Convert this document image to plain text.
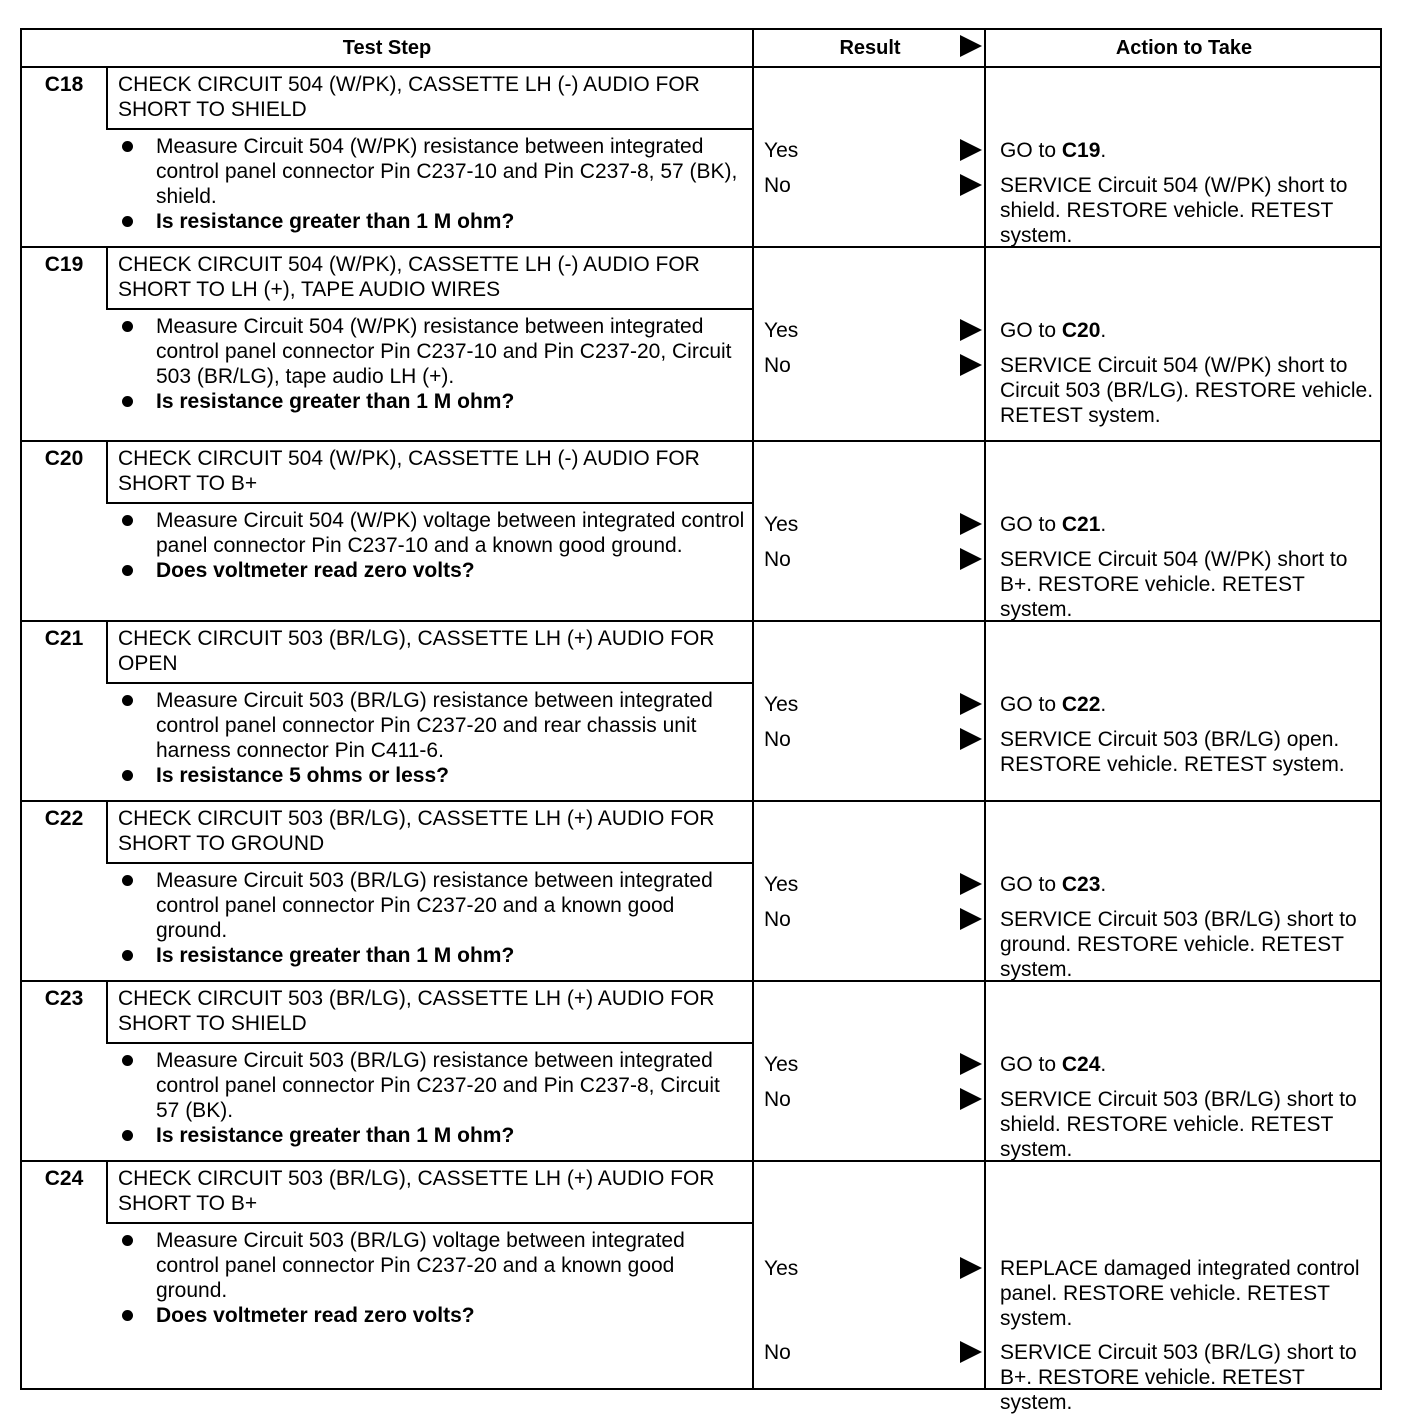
Test Step	Result	Action to Take
C18	CHECK CIRCUIT 504 (W/PK), CASSETTE LH (-) AUDIO FOR SHORT TO SHIELD
Measure Circuit 504 (W/PK) resistance between integrated control panel connector Pin C237-10 and Pin C237-8, 57 (BK), shield.
Is resistance greater than 1 M ohm?
Yes	GO to C19.
No	SERVICE Circuit 504 (W/PK) short to shield. RESTORE vehicle. RETEST system.
C19	CHECK CIRCUIT 504 (W/PK), CASSETTE LH (-) AUDIO FOR SHORT TO LH (+), TAPE AUDIO WIRES
Measure Circuit 504 (W/PK) resistance between integrated control panel connector Pin C237-10 and Pin C237-20, Circuit 503 (BR/LG), tape audio LH (+).
Is resistance greater than 1 M ohm?
Yes	GO to C20.
No	SERVICE Circuit 504 (W/PK) short to Circuit 503 (BR/LG). RESTORE vehicle. RETEST system.
C20	CHECK CIRCUIT 504 (W/PK), CASSETTE LH (-) AUDIO FOR SHORT TO B+
Measure Circuit 504 (W/PK) voltage between integrated control panel connector Pin C237-10 and a known good ground.
Does voltmeter read zero volts?
Yes	GO to C21.
No	SERVICE Circuit 504 (W/PK) short to B+. RESTORE vehicle. RETEST system.
C21	CHECK CIRCUIT 503 (BR/LG), CASSETTE LH (+) AUDIO FOR OPEN
Measure Circuit 503 (BR/LG) resistance between integrated control panel connector Pin C237-20 and rear chassis unit harness connector Pin C411-6.
Is resistance 5 ohms or less?
Yes	GO to C22.
No	SERVICE Circuit 503 (BR/LG) open. RESTORE vehicle. RETEST system.
C22	CHECK CIRCUIT 503 (BR/LG), CASSETTE LH (+) AUDIO FOR SHORT TO GROUND
Measure Circuit 503 (BR/LG) resistance between integrated control panel connector Pin C237-20 and a known good ground.
Is resistance greater than 1 M ohm?
Yes	GO to C23.
No	SERVICE Circuit 503 (BR/LG) short to ground. RESTORE vehicle. RETEST system.
C23	CHECK CIRCUIT 503 (BR/LG), CASSETTE LH (+) AUDIO FOR SHORT TO SHIELD
Measure Circuit 503 (BR/LG) resistance between integrated control panel connector Pin C237-20 and Pin C237-8, Circuit 57 (BK).
Is resistance greater than 1 M ohm?
Yes	GO to C24.
No	SERVICE Circuit 503 (BR/LG) short to shield. RESTORE vehicle. RETEST system.
C24	CHECK CIRCUIT 503 (BR/LG), CASSETTE LH (+) AUDIO FOR SHORT TO B+
Measure Circuit 503 (BR/LG) voltage between integrated control panel connector Pin C237-20 and a known good ground.
Does voltmeter read zero volts?
Yes	REPLACE damaged integrated control panel. RESTORE vehicle. RETEST system.
No	SERVICE Circuit 503 (BR/LG) short to B+. RESTORE vehicle. RETEST system.
